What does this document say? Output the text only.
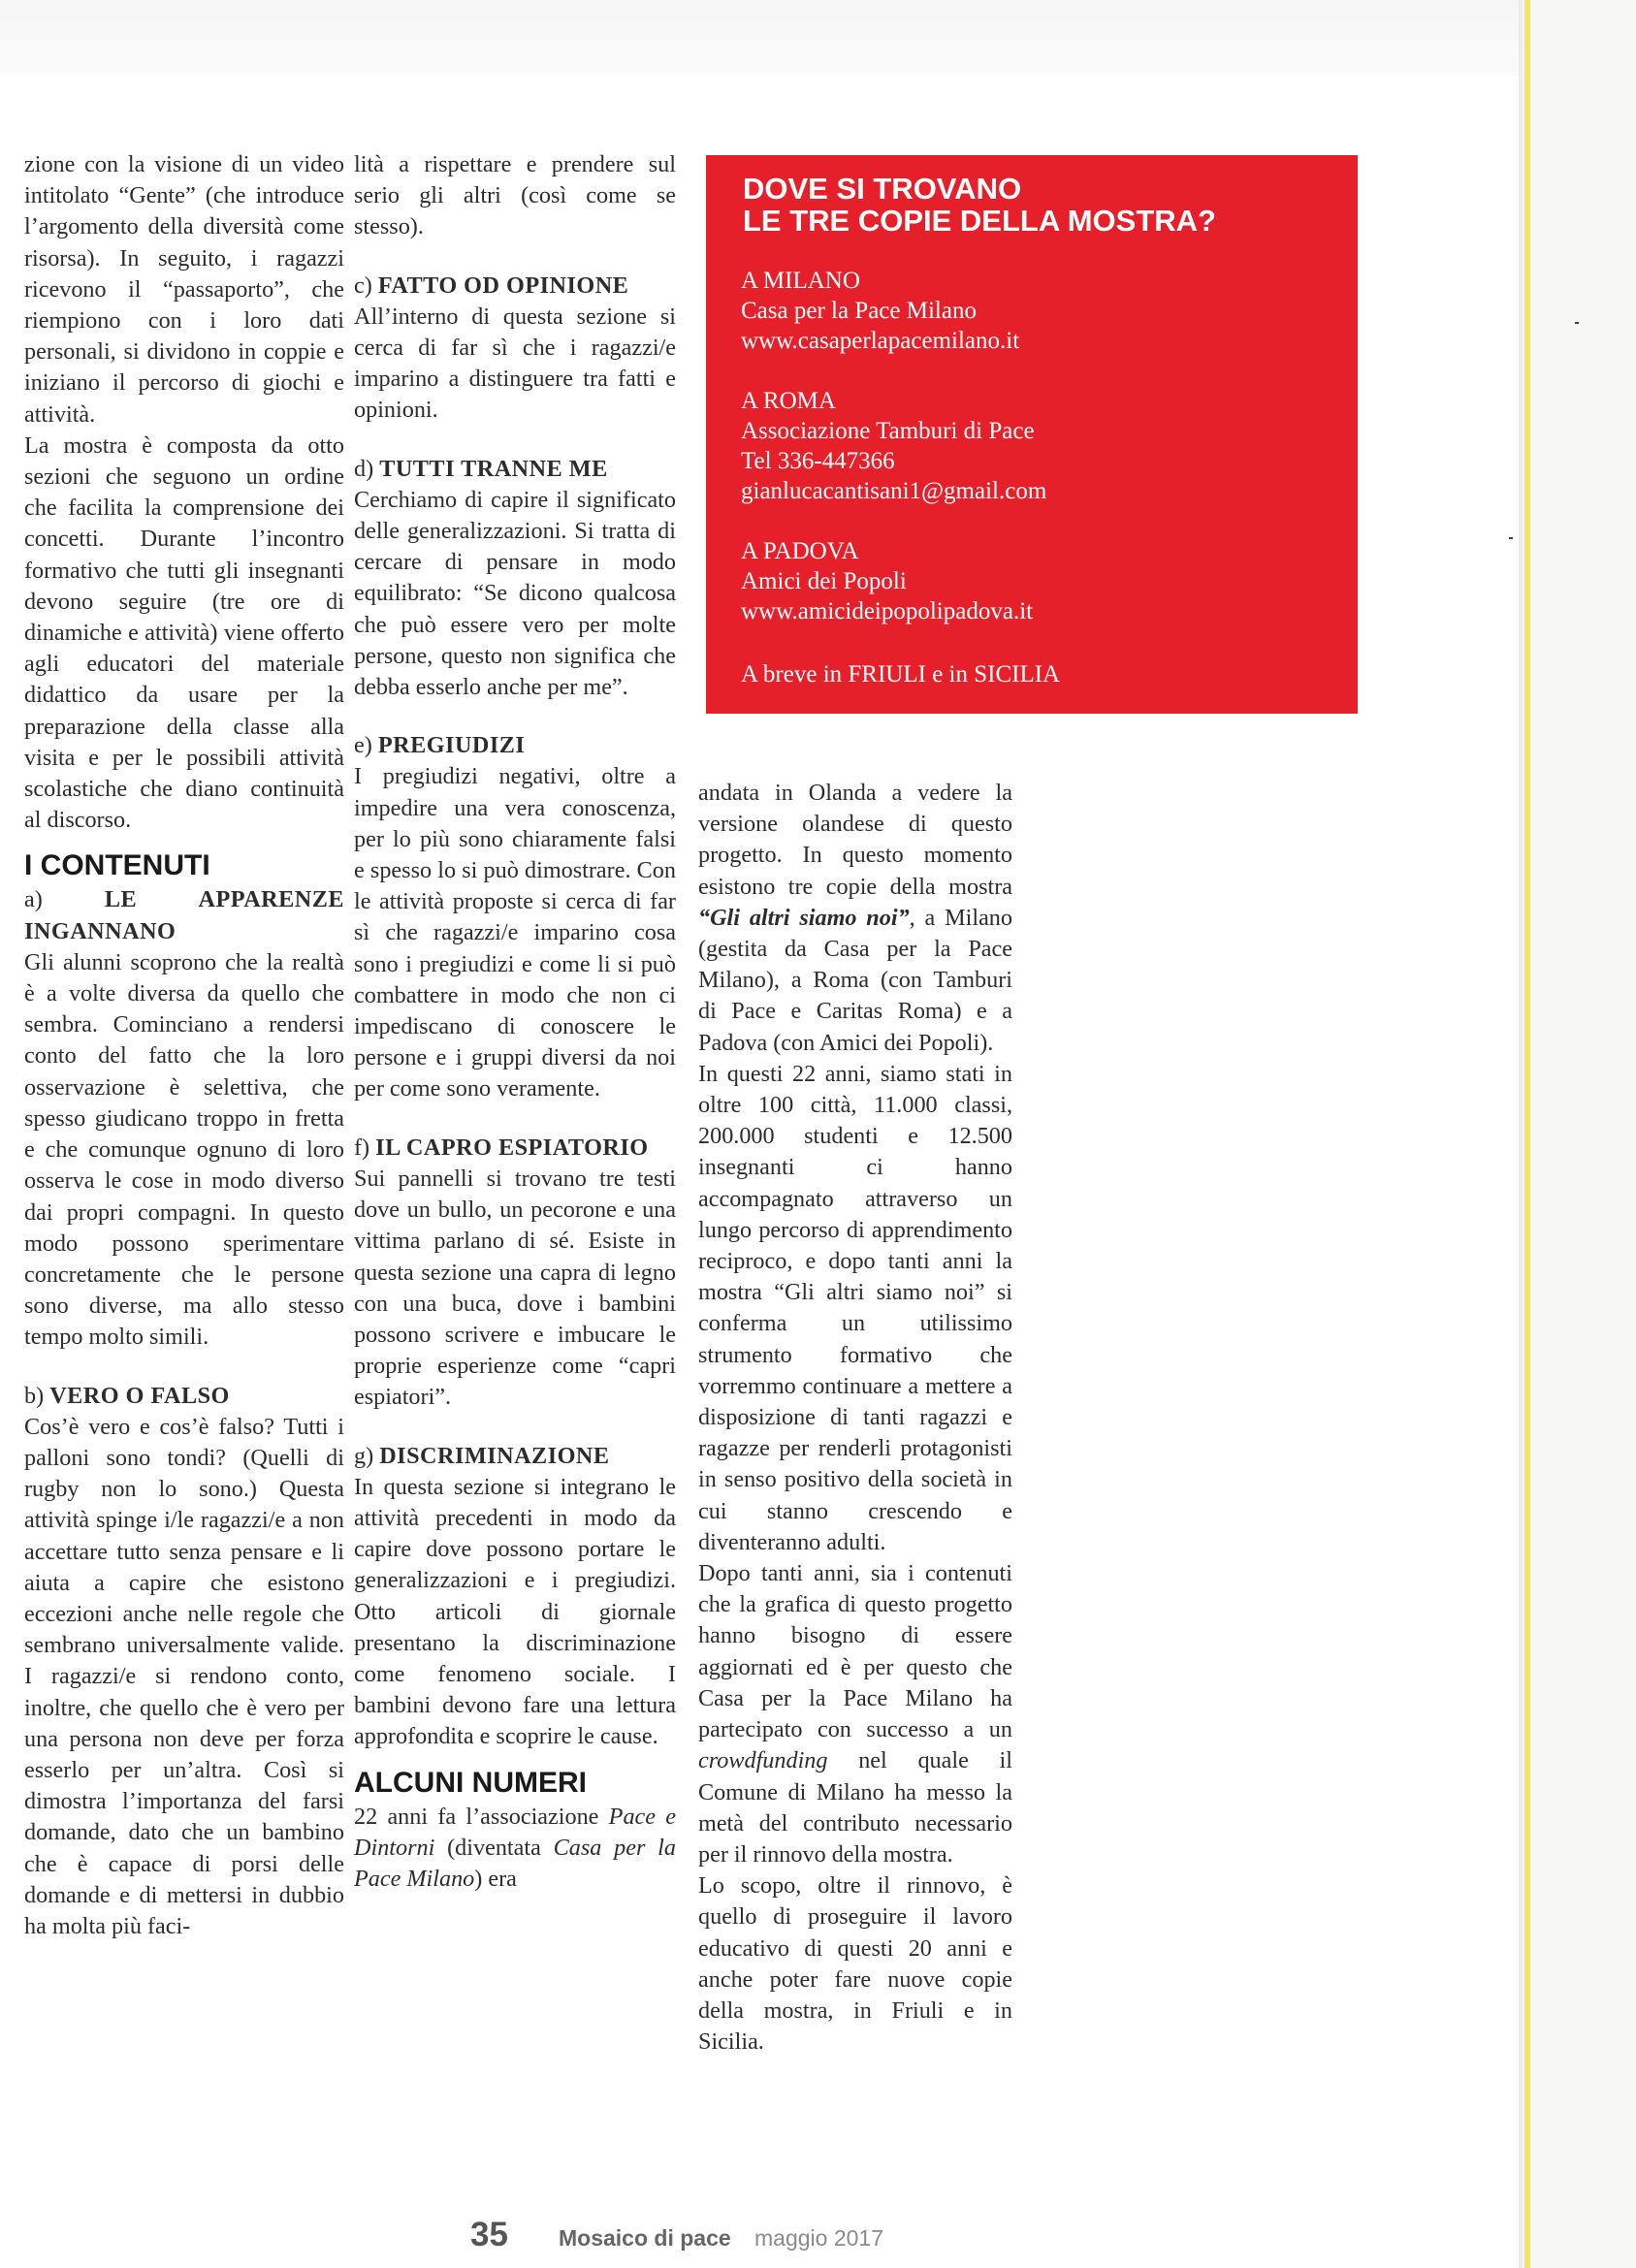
zione con la visione di un video intitolato “Gente” (che introduce l’argomento della diversità come risorsa). In seguito, i ragazzi ricevono il “passaporto”, che riempiono con i loro dati personali, si dividono in coppie e iniziano il percorso di giochi e attività.

La mostra è composta da otto sezioni che seguono un ordine che facilita la comprensione dei concetti. Durante l’incontro formativo che tutti gli insegnanti devono seguire (tre ore di dinamiche e attività) viene offerto agli educatori del materiale didattico da usare per la preparazione della classe alla visita e per le possibili attività scolastiche che diano continuità al discorso.

I CONTENUTI

a) LE APPARENZE INGANNANO

Gli alunni scoprono che la realtà è a volte diversa da quello che sembra. Cominciano a rendersi conto del fatto che la loro osservazione è selettiva, che spesso giudicano troppo in fretta e che comunque ognuno di loro osserva le cose in modo diverso dai propri compagni. In questo modo possono sperimentare concretamente che le persone sono diverse, ma allo stesso tempo molto simili.

b) VERO O FALSO

Cos’è vero e cos’è falso? Tutti i palloni sono tondi? (Quelli di rugby non lo sono.) Questa attività spinge i/le ragazzi/e a non accettare tutto senza pensare e li aiuta a capire che esistono eccezioni anche nelle regole che sembrano universalmente valide. I ragazzi/e si rendono conto, inoltre, che quello che è vero per una persona non deve per forza esserlo per un’altra. Così si dimostra l’importanza del farsi domande, dato che un bambino che è capace di porsi delle domande e di mettersi in dubbio ha molta più faci-

lità a rispettare e prendere sul serio gli altri (così come se stesso).

c) FATTO OD OPINIONE

All’interno di questa sezione si cerca di far sì che i ragazzi/e imparino a distinguere tra fatti e opinioni.

d) TUTTI TRANNE ME

Cerchiamo di capire il significato delle generalizzazioni. Si tratta di cercare di pensare in modo equilibrato: “Se dicono qualcosa che può essere vero per molte persone, questo non significa che debba esserlo anche per me”.

e) PREGIUDIZI

I pregiudizi negativi, oltre a impedire una vera conoscenza, per lo più sono chiaramente falsi e spesso lo si può dimostrare. Con le attività proposte si cerca di far sì che ragazzi/e imparino cosa sono i pregiudizi e come li si può combattere in modo che non ci impediscano di conoscere le persone e i gruppi diversi da noi per come sono veramente.

f) IL CAPRO ESPIATORIO

Sui pannelli si trovano tre testi dove un bullo, un pecorone e una vittima parlano di sé. Esiste in questa sezione una capra di legno con una buca, dove i bambini possono scrivere e imbucare le proprie esperienze come “capri espiatori”.

g) DISCRIMINAZIONE

In questa sezione si integrano le attività precedenti in modo da capire dove possono portare le generalizzazioni e i pregiudizi. Otto articoli di giornale presentano la discriminazione come fenomeno sociale. I bambini devono fare una lettura approfondita e scoprire le cause.

ALCUNI NUMERI

22 anni fa l’associazione Pace e Dintorni (diventata Casa per la Pace Milano) era

DOVE SI TROVANO
LE TRE COPIE DELLA MOSTRA?
A MILANO
Casa per la Pace Milano
www.casaperlapacemilano.it
A ROMA
Associazione Tamburi di Pace
Tel 336-447366
gianlucacantisani1@gmail.com
A PADOVA
Amici dei Popoli
www.amicideipopolipadova.it
A breve in FRIULI e in SICILIA

andata in Olanda a vedere la versione olandese di questo progetto. In questo momento esistono tre copie della mostra “Gli altri siamo noi”, a Milano (gestita da Casa per la Pace Milano), a Roma (con Tamburi di Pace e Caritas Roma) e a Padova (con Amici dei Popoli).

In questi 22 anni, siamo stati in oltre 100 città, 11.000 classi, 200.000 studenti e 12.500 insegnanti ci hanno accompagnato attraverso un lungo percorso di apprendimento reciproco, e dopo tanti anni la mostra “Gli altri siamo noi” si conferma un utilissimo strumento formativo che vorremmo continuare a mettere a disposizione di tanti ragazzi e ragazze per renderli protagonisti in senso positivo della società in cui stanno crescendo e diventeranno adulti.

Dopo tanti anni, sia i contenuti che la grafica di questo progetto hanno bisogno di essere aggiornati ed è per questo che Casa per la Pace Milano ha partecipato con successo a un crowdfunding nel quale il Comune di Milano ha messo la metà del contributo necessario per il rinnovo della mostra.

Lo scopo, oltre il rinnovo, è quello di proseguire il lavoro educativo di questi 20 anni e anche poter fare nuove copie della mostra, in Friuli e in Sicilia.

35 Mosaico di pace maggio 2017
